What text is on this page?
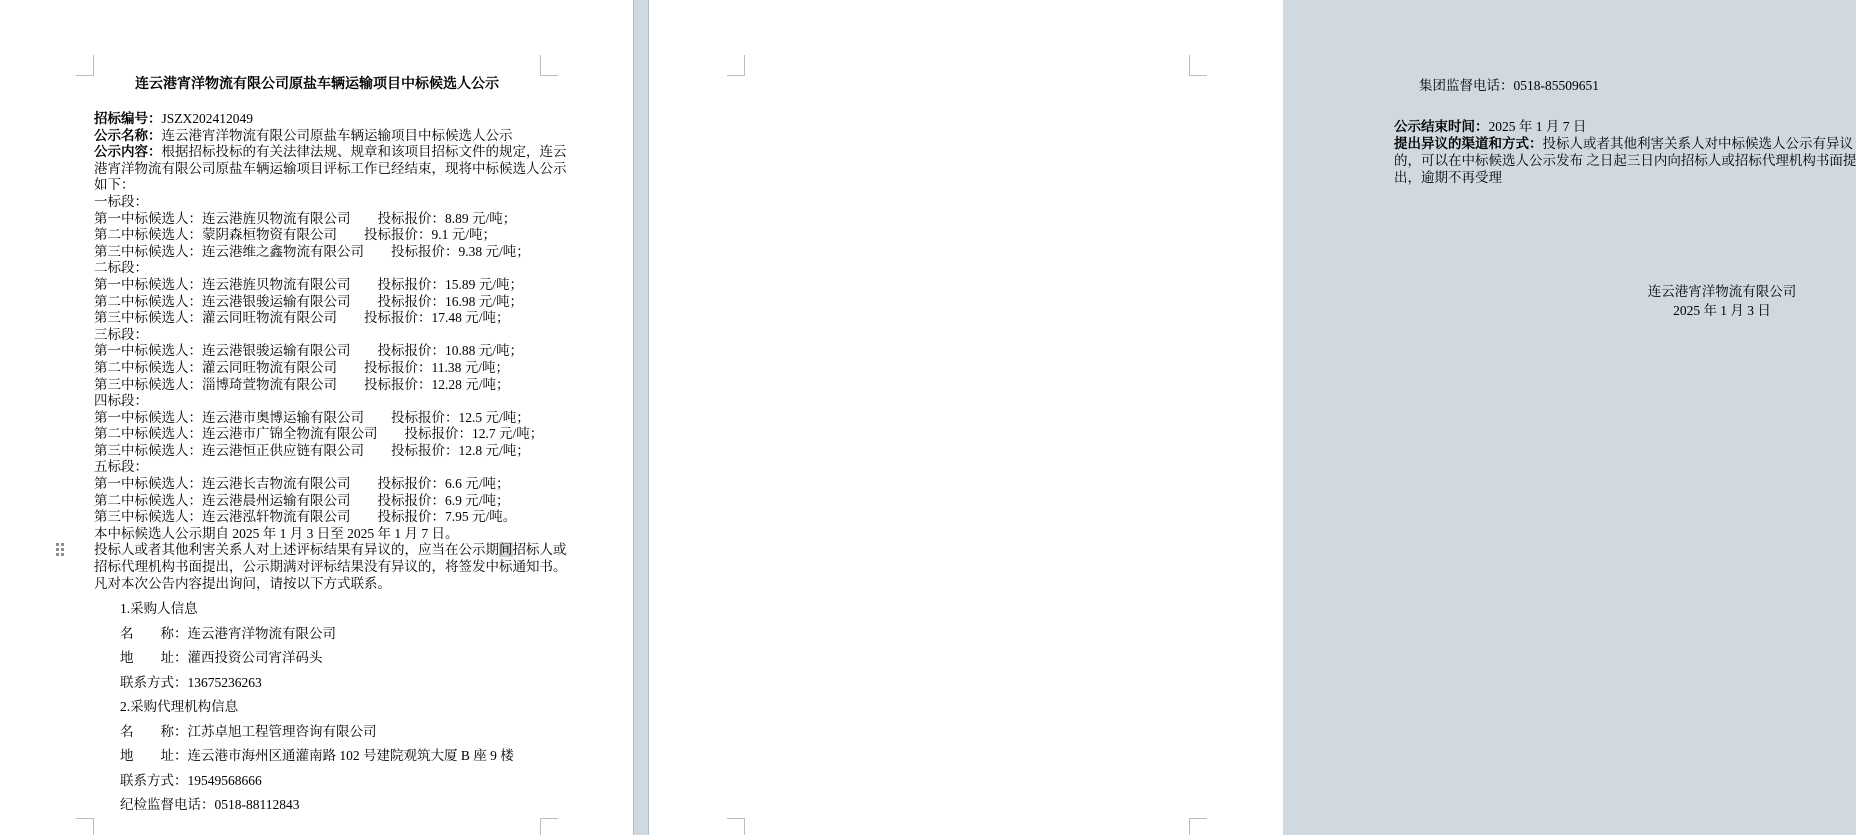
连云港宵洋物流有限公司原盐车辆运输项目中标候选人公示
招标编号：JSZX202412049
公示名称：连云港宵洋物流有限公司原盐车辆运输项目中标候选人公示
公示内容：根据招标投标的有关法律法规、规章和该项目招标文件的规定，连云
港宵洋物流有限公司原盐车辆运输项目评标工作已经结束，现将中标候选人公示
如下：
一标段：
第一中标候选人：连云港旌贝物流有限公司　　投标报价：8.89 元/吨；
第二中标候选人：蒙阴森桓物资有限公司　　投标报价：9.1 元/吨；
第三中标候选人：连云港维之鑫物流有限公司　　投标报价：9.38 元/吨；
二标段：
第一中标候选人：连云港旌贝物流有限公司　　投标报价：15.89 元/吨；
第二中标候选人：连云港银骏运输有限公司　　投标报价：16.98 元/吨；
第三中标候选人：灌云同旺物流有限公司　　投标报价：17.48 元/吨；
三标段：
第一中标候选人：连云港银骏运输有限公司　　投标报价：10.88 元/吨；
第二中标候选人：灌云同旺物流有限公司　　投标报价：11.38 元/吨；
第三中标候选人：淄博琦萱物流有限公司　　投标报价：12.28 元/吨；
四标段：
第一中标候选人：连云港市奥博运输有限公司　　投标报价：12.5 元/吨；
第二中标候选人：连云港市广锦全物流有限公司　　投标报价：12.7 元/吨；
第三中标候选人：连云港恒正供应链有限公司　　投标报价：12.8 元/吨；
五标段：
第一中标候选人：连云港长吉物流有限公司　　投标报价：6.6 元/吨；
第二中标候选人：连云港晨州运输有限公司　　投标报价：6.9 元/吨；
第三中标候选人：连云港泓轩物流有限公司　　投标报价：7.95 元/吨。
本中标候选人公示期自 2025 年 1 月 3 日至 2025 年 1 月 7 日。
投标人或者其他利害关系人对上述评标结果有异议的，应当在公示期间招标人或
招标代理机构书面提出，公示期满对评标结果没有异议的，将签发中标通知书。
凡对本次公告内容提出询问，请按以下方式联系。
1.采购人信息
名　　称：连云港宵洋物流有限公司
地　　址：灌西投资公司宵洋码头
联系方式：13675236263
2.采购代理机构信息
名　　称：江苏卓旭工程管理咨询有限公司
地　　址：连云港市海州区通灌南路 102 号建院观筑大厦 B 座 9 楼
联系方式：19549568666
纪检监督电话：0518-88112843
集团监督电话：0518-85509651
公示结束时间：2025 年 1 月 7 日
提出异议的渠道和方式：投标人或者其他利害关系人对中标候选人公示有异议
的，可以在中标候选人公示发布 之日起三日内向招标人或招标代理机构书面提
出，逾期不再受理
连云港宵洋物流有限公司
2025 年 1 月 3 日
